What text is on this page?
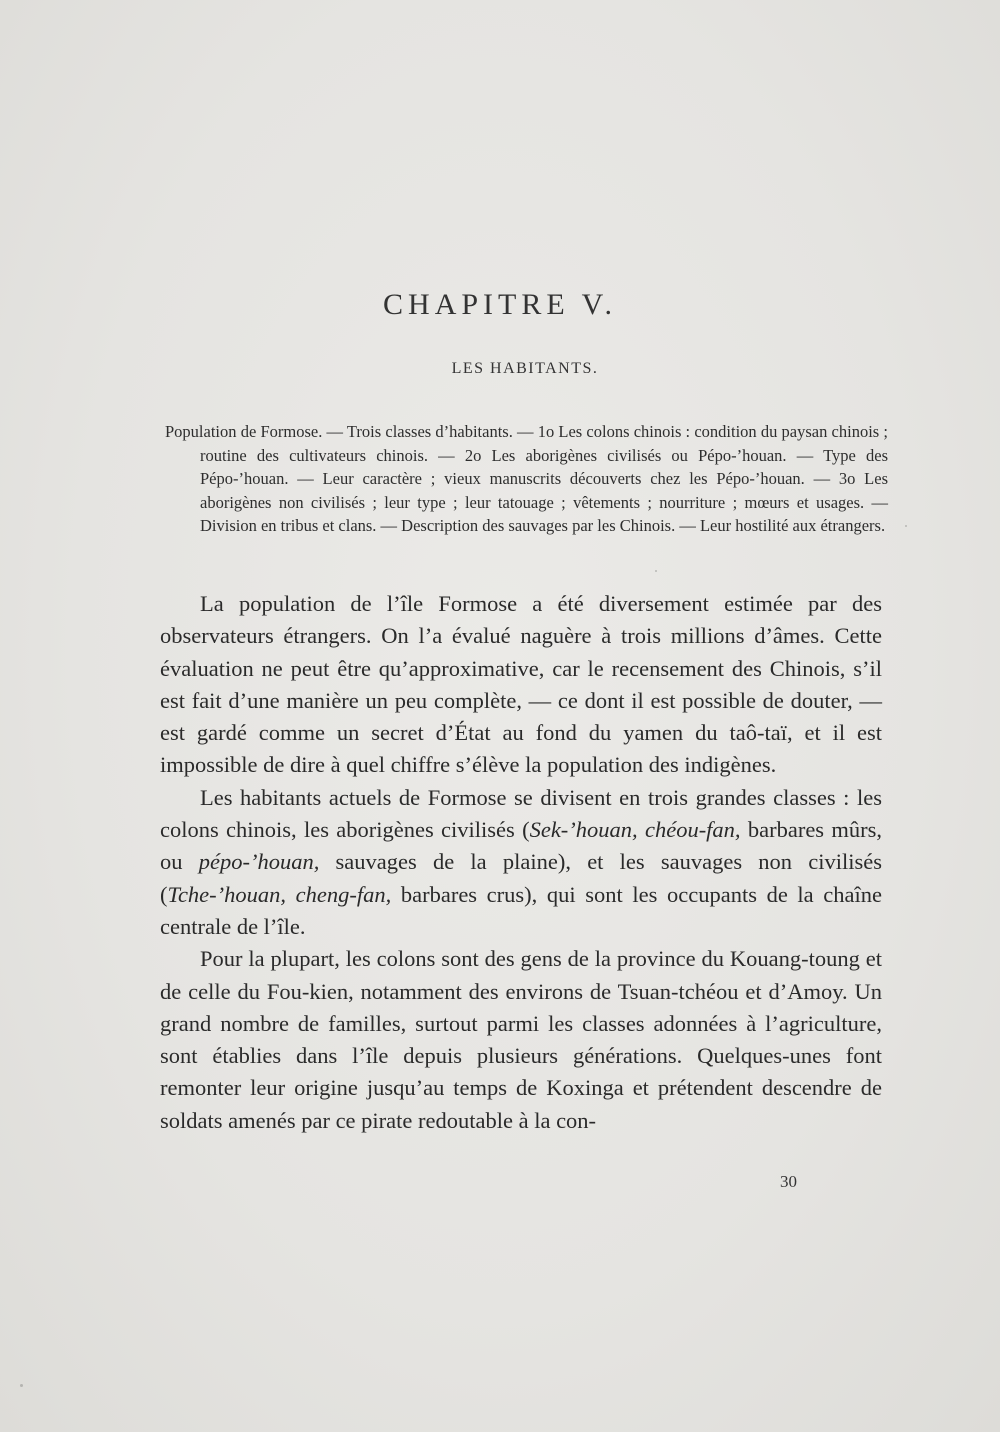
CHAPITRE V.
LES HABITANTS.
Population de Formose. — Trois classes d’habitants. — 1o Les colons chinois : condition du paysan chinois ; routine des cultivateurs chinois. — 2o Les aborigènes civilisés ou Pépo-’houan. — Type des Pépo-’houan. — Leur caractère ; vieux manuscrits découverts chez les Pépo-’houan. — 3o Les aborigènes non civilisés ; leur type ; leur tatouage ; vêtements ; nourriture ; mœurs et usages. — Division en tribus et clans. — Description des sauvages par les Chinois. — Leur hostilité aux étrangers.

La population de l’île Formose a été diversement estimée par des observateurs étrangers. On l’a évalué naguère à trois millions d’âmes. Cette évaluation ne peut être qu’approximative, car le recensement des Chinois, s’il est fait d’une manière un peu complète, — ce dont il est possible de douter, — est gardé comme un secret d’État au fond du yamen du taô-taï, et il est impossible de dire à quel chiffre s’élève la population des indigènes.

Les habitants actuels de Formose se divisent en trois grandes classes : les colons chinois, les aborigènes civilisés (Sek-’houan, chéou-fan, barbares mûrs, ou pépo-’houan, sauvages de la plaine), et les sauvages non civilisés (Tche-’houan, cheng-fan, barbares crus), qui sont les occupants de la chaîne centrale de l’île.

Pour la plupart, les colons sont des gens de la province du Kouang-toung et de celle du Fou-kien, notamment des environs de Tsuan-tchéou et d’Amoy. Un grand nombre de familles, surtout parmi les classes adonnées à l’agriculture, sont établies dans l’île depuis plusieurs générations. Quelques-unes font remonter leur origine jusqu’au temps de Koxinga et prétendent descendre de soldats amenés par ce pirate redoutable à la con-

30
